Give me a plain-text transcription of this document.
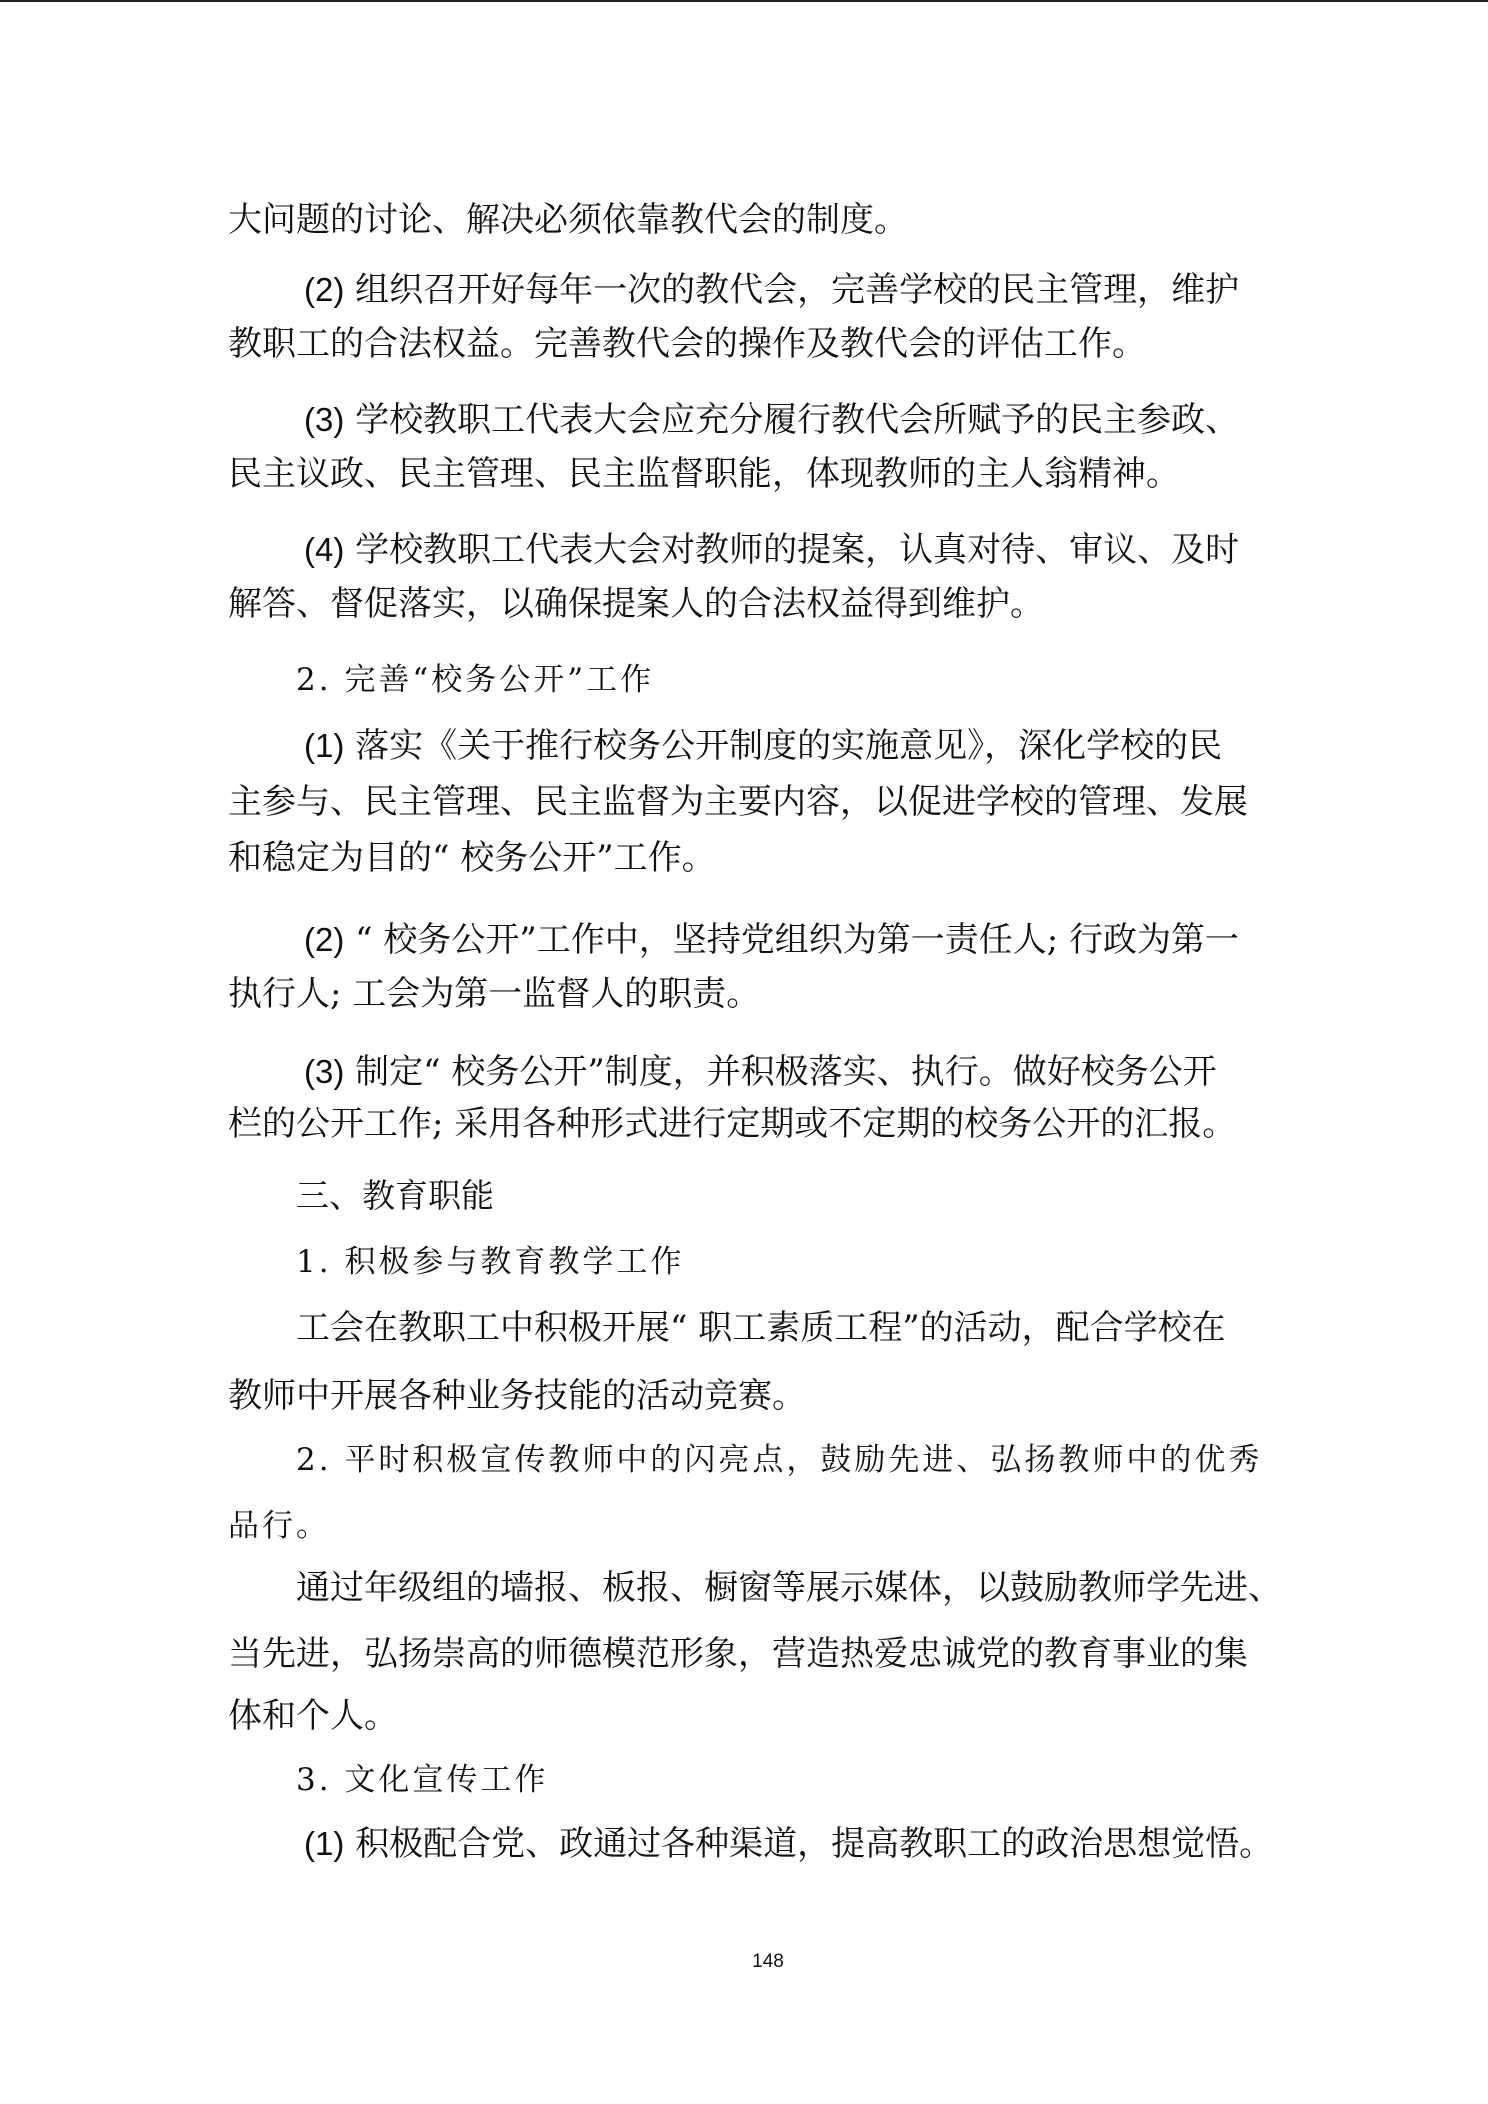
大问题的讨论、解决必须依靠教代会的制度。

(2) 组织召开好每年一次的教代会，完善学校的民主管理，维护

教职工的合法权益。完善教代会的操作及教代会的评估工作。

(3) 学校教职工代表大会应充分履行教代会所赋予的民主参政、

民主议政、民主管理、民主监督职能，体现教师的主人翁精神。

(4) 学校教职工代表大会对教师的提案，认真对待、审议、及时

解答、督促落实，以确保提案人的合法权益得到维护。

2. 完善“校务公开”工作

(1) 落实《关于推行校务公开制度的实施意见》，深化学校的民

主参与、民主管理、民主监督为主要内容，以促进学校的管理、发展

和稳定为目的“ 校务公开”工作。

(2) “ 校务公开”工作中，坚持党组织为第一责任人; 行政为第一

执行人; 工会为第一监督人的职责。

(3) 制定“ 校务公开”制度，并积极落实、执行。做好校务公开

栏的公开工作; 采用各种形式进行定期或不定期的校务公开的汇报。

三、教育职能

1. 积极参与教育教学工作

工会在教职工中积极开展“ 职工素质工程”的活动，配合学校在

教师中开展各种业务技能的活动竞赛。

2. 平时积极宣传教师中的闪亮点，鼓励先进、弘扬教师中的优秀

品行。

通过年级组的墙报、板报、橱窗等展示媒体，以鼓励教师学先进、

当先进，弘扬崇高的师德模范形象，营造热爱忠诚党的教育事业的集

体和个人。

3. 文化宣传工作

(1) 积极配合党、政通过各种渠道，提高教职工的政治思想觉悟。

148
